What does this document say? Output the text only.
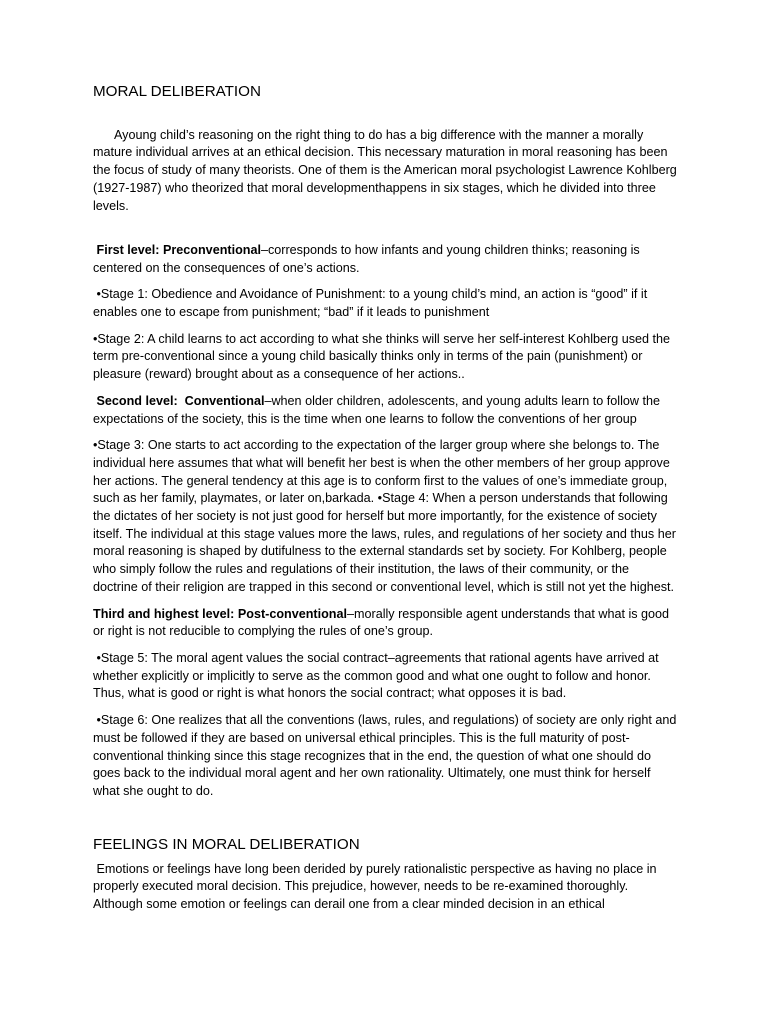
MORAL DELIBERATION

Ayoung child’s reasoning on the right thing to do has a big difference with the manner a morally mature individual arrives at an ethical decision. This necessary maturation in moral reasoning has been the focus of study of many theorists. One of them is the American moral psychologist Lawrence Kohlberg (1927-1987) who theorized that moral developmenthappens in six stages, which he divided into three levels.

First level: Preconventional–corresponds to how infants and young children thinks; reasoning is centered on the consequences of one’s actions.

•Stage 1: Obedience and Avoidance of Punishment: to a young child’s mind, an action is “good” if it enables one to escape from punishment; “bad” if it leads to punishment

•Stage 2: A child learns to act according to what she thinks will serve her self-interest Kohlberg used the term pre-conventional since a young child basically thinks only in terms of the pain (punishment) or pleasure (reward) brought about as a consequence of her actions..

Second level:  Conventional–when older children, adolescents, and young adults learn to follow the expectations of the society, this is the time when one learns to follow the conventions of her group

•Stage 3: One starts to act according to the expectation of the larger group where she belongs to. The individual here assumes that what will benefit her best is when the other members of her group approve her actions. The general tendency at this age is to conform first to the values of one’s immediate group, such as her family, playmates, or later on,barkada. •Stage 4: When a person understands that following the dictates of her society is not just good for herself but more importantly, for the existence of society itself. The individual at this stage values more the laws, rules, and regulations of her society and thus her moral reasoning is shaped by dutifulness to the external standards set by society. For Kohlberg, people who simply follow the rules and regulations of their institution, the laws of their community, or the doctrine of their religion are trapped in this second or conventional level, which is still not yet the highest.

Third and highest level: Post-conventional–morally responsible agent understands that what is good or right is not reducible to complying the rules of one’s group.

•Stage 5: The moral agent values the social contract–agreements that rational agents have arrived at whether explicitly or implicitly to serve as the common good and what one ought to follow and honor. Thus, what is good or right is what honors the social contract; what opposes it is bad.

•Stage 6: One realizes that all the conventions (laws, rules, and regulations) of society are only right and must be followed if they are based on universal ethical principles. This is the full maturity of post-conventional thinking since this stage recognizes that in the end, the question of what one should do goes back to the individual moral agent and her own rationality. Ultimately, one must think for herself what she ought to do.

FEELINGS IN MORAL DELIBERATION

Emotions or feelings have long been derided by purely rationalistic perspective as having no place in properly executed moral decision. This prejudice, however, needs to be re-examined thoroughly. Although some emotion or feelings can derail one from a clear minded decision in an ethical
